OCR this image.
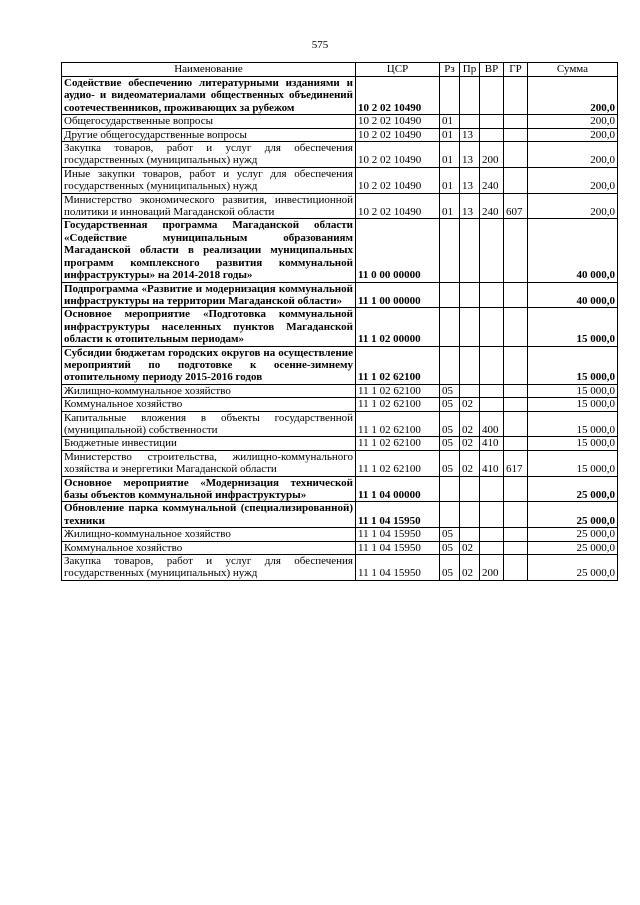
575
Наименование	ЦСР	Рз	Пр	ВР	ГР	Сумма
Содействие обеспечению литературными изданиями и аудио- и видеоматериалами общественных объединений соотечественников, проживающих за рубежом	10 2 02 10490					200,0
Общегосударственные вопросы	10 2 02 10490	01				200,0
Другие общегосударственные вопросы	10 2 02 10490	01	13			200,0
Закупка товаров, работ и услуг для обеспечения государственных (муниципальных) нужд	10 2 02 10490	01	13	200		200,0
Иные закупки товаров, работ и услуг для обеспечения государственных (муниципальных) нужд	10 2 02 10490	01	13	240		200,0
Министерство экономического развития, инвестиционной политики и инноваций Магаданской области	10 2 02 10490	01	13	240	607	200,0
Государственная программа Магаданской области «Содействие муниципальным образованиям Магаданской области в реализации муниципальных программ комплексного развития коммунальной инфраструктуры» на 2014-2018 годы»	11 0 00 00000					40 000,0
Подпрограмма «Развитие и модернизация коммунальной инфраструктуры на территории Магаданской области»	11 1 00 00000					40 000,0
Основное мероприятие «Подготовка коммунальной инфраструктуры населенных пунктов Магаданской области к отопительным периодам»	11 1 02 00000					15 000,0
Субсидии бюджетам городских округов на осуществление мероприятий по подготовке к осенне-зимнему отопительному периоду 2015-2016 годов	11 1 02 62100					15 000,0
Жилищно-коммунальное хозяйство	11 1 02 62100	05				15 000,0
Коммунальное хозяйство	11 1 02 62100	05	02			15 000,0
Капитальные вложения в объекты государственной (муниципальной) собственности	11 1 02 62100	05	02	400		15 000,0
Бюджетные инвестиции	11 1 02 62100	05	02	410		15 000,0
Министерство строительства, жилищно-коммунального хозяйства и энергетики Магаданской области	11 1 02 62100	05	02	410	617	15 000,0
Основное мероприятие «Модернизация технической базы объектов коммунальной инфраструктуры»	11 1 04 00000					25 000,0
Обновление парка коммунальной (специализированной) техники	11 1 04 15950					25 000,0
Жилищно-коммунальное хозяйство	11 1 04 15950	05				25 000,0
Коммунальное хозяйство	11 1 04 15950	05	02			25 000,0
Закупка товаров, работ и услуг для обеспечения государственных (муниципальных) нужд	11 1 04 15950	05	02	200		25 000,0
